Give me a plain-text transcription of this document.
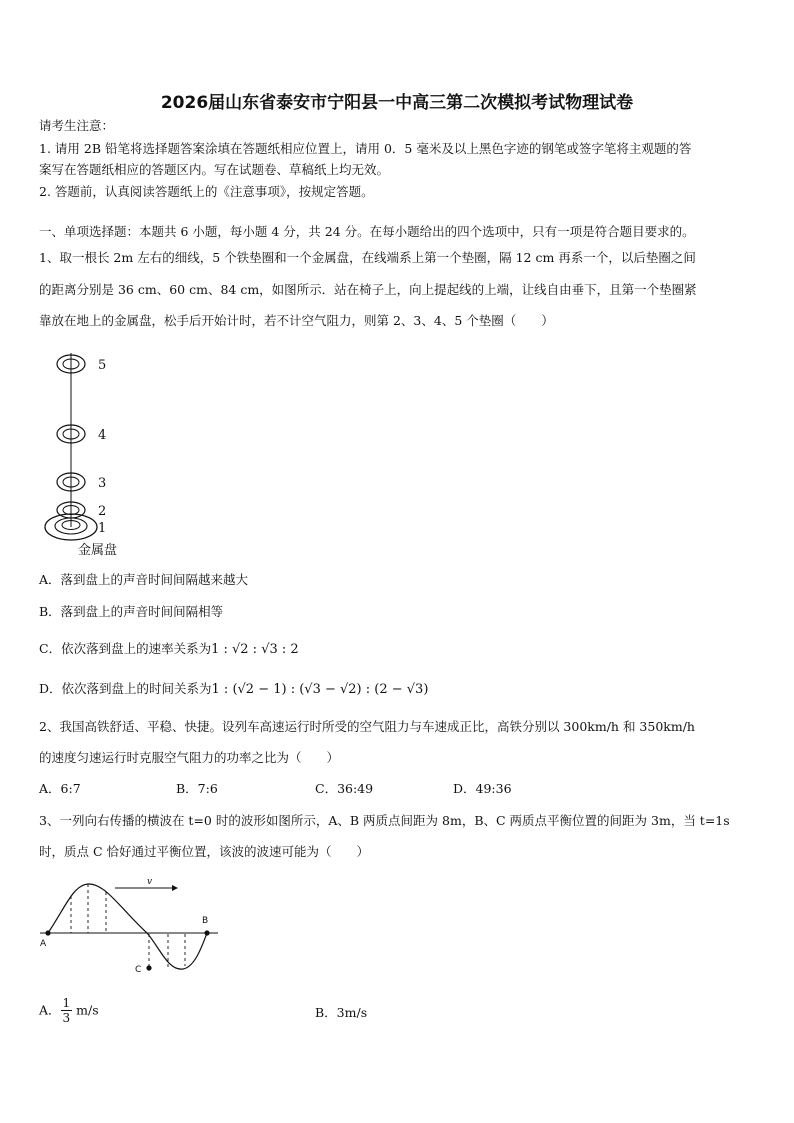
2026届山东省泰安市宁阳县一中高三第二次模拟考试物理试卷
请考生注意：
1. 请用 2B 铅笔将选择题答案涂填在答题纸相应位置上，请用 0．5 毫米及以上黑色字迹的钢笔或签字笔将主观题的答
案写在答题纸相应的答题区内。写在试题卷、草稿纸上均无效。
2. 答题前，认真阅读答题纸上的《注意事项》，按规定答题。
一、单项选择题：本题共 6 小题，每小题 4 分，共 24 分。在每小题给出的四个选项中，只有一项是符合题目要求的。
1、取一根长 2m 左右的细线，5 个铁垫圈和一个金属盘，在线端系上第一个垫圈，隔 12 cm 再系一个，以后垫圈之间
的距离分别是 36 cm、60 cm、84 cm，如图所示．站在椅子上，向上提起线的上端，让线自由垂下，且第一个垫圈紧
靠放在地上的金属盘，松手后开始计时，若不计空气阻力，则第 2、3、4、5 个垫圈（　　）
5
4
3
2
1
金属盘
A．落到盘上的声音时间间隔越来越大
B．落到盘上的声音时间间隔相等
C．依次落到盘上的速率关系为1 : √2 : √3 : 2
D．依次落到盘上的时间关系为1 : (√2 − 1) : (√3 − √2) : (2 − √3)
2、我国高铁舒适、平稳、快捷。设列车高速运行时所受的空气阻力与车速成正比，高铁分别以 300km/h 和 350km/h
的速度匀速运行时克服空气阻力的功率之比为（　　）
A．6:7	B．7:6	C．36:49	D．49:36
3、一列向右传播的横波在 t=0 时的波形如图所示，A、B 两质点间距为 8m，B、C 两质点平衡位置的间距为 3m，当 t=1s
时，质点 C 恰好通过平衡位置，该波的波速可能为（　　）
v
A
B
C
A． $\frac{1}{3} m/s$	B．3m/s
